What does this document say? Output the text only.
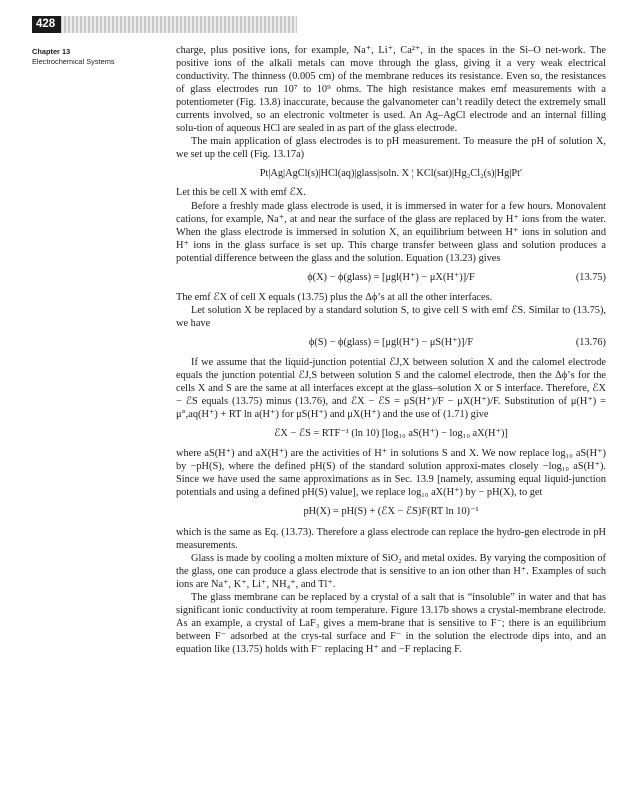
428
Chapter 13
Electrochemical Systems

charge, plus positive ions, for example, Na⁺, Li⁺, Ca²⁺, in the spaces in the Si–O net-work. The positive ions of the alkali metals can move through the glass, giving it a very weak electrical conductivity. The thinness (0.005 cm) of the membrane reduces its resistance. Even so, the resistances of glass electrodes run 10⁷ to 10⁹ ohms. The high resistance makes emf measurements with a potentiometer (Fig. 13.8) inaccurate, because the galvanometer can’t readily detect the extremely small currents involved, so an electronic voltmeter is used. An Ag–AgCl electrode and an internal filling solu-tion of aqueous HCl are sealed in as part of the glass electrode.

The main application of glass electrodes is to pH measurement. To measure the pH of solution X, we set up the cell (Fig. 13.17a)

Pt|Ag|AgCl(s)|HCl(aq)|glass|soln. X ¦ KCl(sat)|Hg₂Cl₂(s)|Hg|Pt′

Let this be cell X with emf ℰX.

Before a freshly made glass electrode is used, it is immersed in water for a few hours. Monovalent cations, for example, Na⁺, at and near the surface of the glass are replaced by H⁺ ions from the water. When the glass electrode is immersed in solution X, an equilibrium between H⁺ ions in solution and H⁺ ions in the glass surface is set up. This charge transfer between glass and solution produces a potential difference between the glass and the solution. Equation (13.23) gives

ϕ(X) − ϕ(glass) = [μgl(H⁺) − μX(H⁺)]/F	(13.75)

The emf ℰX of cell X equals (13.75) plus the Δϕ’s at all the other interfaces.

Let solution X be replaced by a standard solution S, to give cell S with emf ℰS. Similar to (13.75), we have

ϕ(S) − ϕ(glass) = [μgl(H⁺) − μS(H⁺)]/F	(13.76)

If we assume that the liquid-junction potential ℰJ,X between solution X and the calomel electrode equals the junction potential ℰJ,S between solution S and the calomel electrode, then the Δϕ’s for the cells X and S are the same at all interfaces except at the glass–solution X or S interface. Therefore, ℰX − ℰS equals (13.75) minus (13.76), and ℰX − ℰS = μS(H⁺)/F − μX(H⁺)/F. Substitution of μ(H⁺) = μ°,aq(H⁺) + RT ln a(H⁺) for μS(H⁺) and μX(H⁺) and the use of (1.71) give

ℰX − ℰS = RTF⁻¹ (ln 10) [log₁₀ aS(H⁺) − log₁₀ aX(H⁺)]

where aS(H⁺) and aX(H⁺) are the activities of H⁺ in solutions S and X. We now replace log₁₀ aS(H⁺) by −pH(S), where the defined pH(S) of the standard solution approxi-mates closely −log₁₀ aS(H⁺). Since we have used the same approximations as in Sec. 13.9 [namely, assuming equal liquid-junction potentials and using a defined pH(S) value], we replace log₁₀ aX(H⁺) by − pH(X), to get

pH(X) = pH(S) + (ℰX − ℰS)F(RT ln 10)⁻¹

which is the same as Eq. (13.73). Therefore a glass electrode can replace the hydro-gen electrode in pH measurements.

Glass is made by cooling a molten mixture of SiO₂ and metal oxides. By varying the composition of the glass, one can produce a glass electrode that is sensitive to an ion other than H⁺. Examples of such ions are Na⁺, K⁺, Li⁺, NH₄⁺, and Tl⁺.

The glass membrane can be replaced by a crystal of a salt that is “insoluble” in water and that has significant ionic conductivity at room temperature. Figure 13.17b shows a crystal-membrane electrode. As an example, a crystal of LaF₃ gives a mem-brane that is sensitive to F⁻; there is an equilibrium between F⁻ adsorbed at the crys-tal surface and F⁻ in the solution the electrode dips into, and an equation like (13.75) holds with F⁻ replacing H⁺ and −F replacing F.
